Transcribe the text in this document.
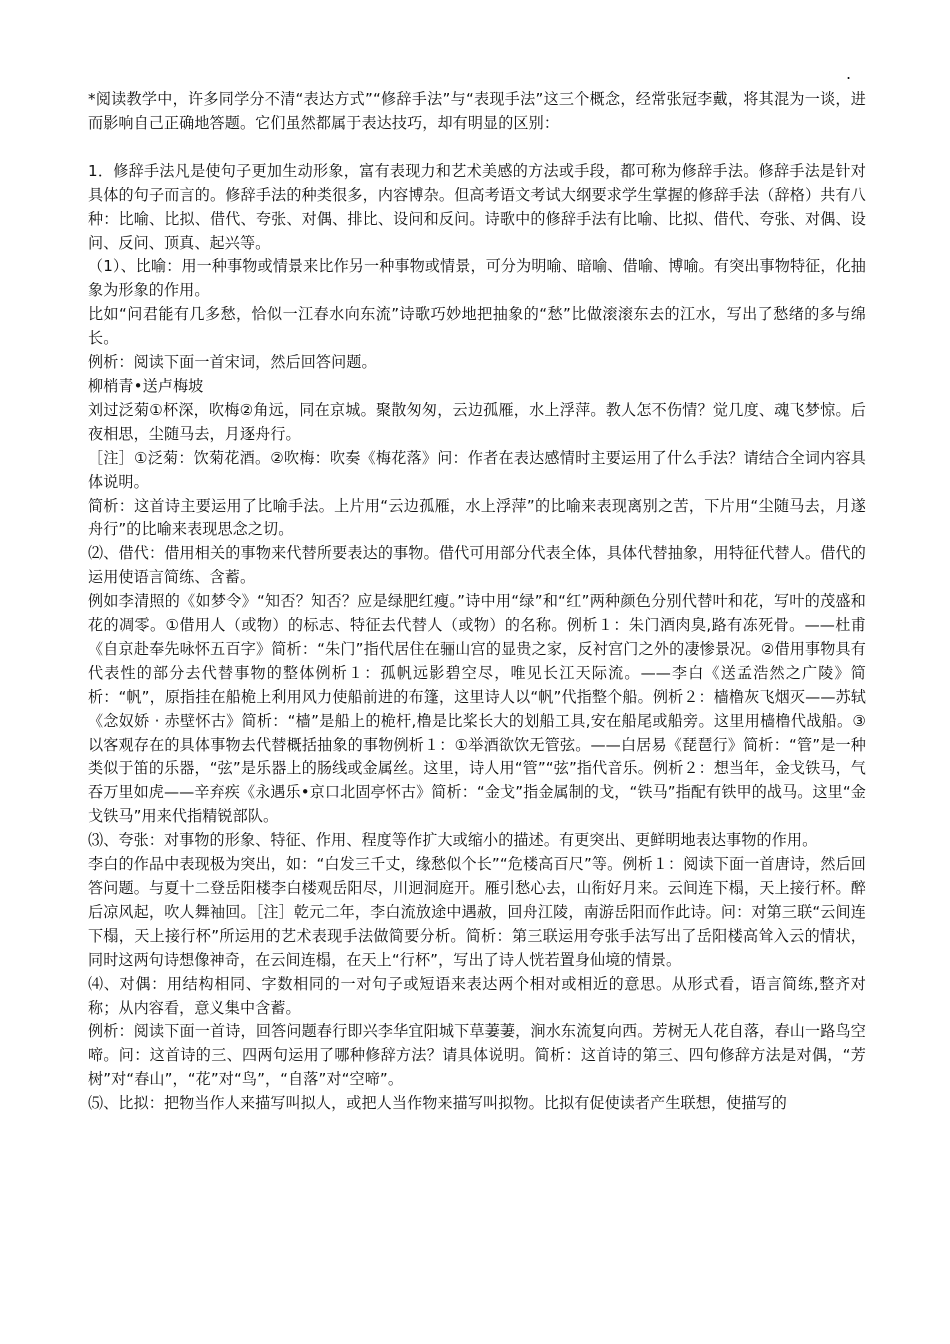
.

*阅读教学中，许多同学分不清“表达方式”“修辞手法”与“表现手法”这三个概念，经常张冠李戴，将其混为一谈，进而影响自己正确地答题。它们虽然都属于表达技巧，却有明显的区别：

1．修辞手法凡是使句子更加生动形象，富有表现力和艺术美感的方法或手段，都可称为修辞手法。修辞手法是针对具体的句子而言的。修辞手法的种类很多，内容博杂。但高考语文考试大纲要求学生掌握的修辞手法（辞格）共有八种：比喻、比拟、借代、夸张、对偶、排比、设问和反问。诗歌中的修辞手法有比喻、比拟、借代、夸张、对偶、设问、反问、顶真、起兴等。

（1）、比喻：用一种事物或情景来比作另一种事物或情景，可分为明喻、暗喻、借喻、博喻。有突出事物特征，化抽象为形象的作用。

比如“问君能有几多愁，恰似一江春水向东流”诗歌巧妙地把抽象的“愁”比做滚滚东去的江水，写出了愁绪的多与绵长。

例析：阅读下面一首宋词，然后回答问题。

柳梢青•送卢梅坡

刘过泛菊①杯深，吹梅②角远，同在京城。聚散匆匆，云边孤雁，水上浮萍。教人怎不伤情？觉几度、魂飞梦惊。后夜相思，尘随马去，月逐舟行。

［注］①泛菊：饮菊花酒。②吹梅：吹奏《梅花落》问：作者在表达感情时主要运用了什么手法？请结合全词内容具体说明。

简析：这首诗主要运用了比喻手法。上片用“云边孤雁，水上浮萍”的比喻来表现离别之苦，下片用“尘随马去，月遂舟行”的比喻来表现思念之切。

⑵、借代：借用相关的事物来代替所要表达的事物。借代可用部分代表全体，具体代替抽象，用特征代替人。借代的运用使语言简练、含蓄。

例如李清照的《如梦令》“知否？知否？应是绿肥红瘦。”诗中用“绿”和“红”两种颜色分别代替叶和花，写叶的茂盛和花的凋零。①借用人（或物）的标志、特征去代替人（或物）的名称。例析１：朱门酒肉臭,路有冻死骨。——杜甫《自京赴奉先咏怀五百字》简析：“朱门”指代居住在骊山宫的显贵之家，反衬宫门之外的凄惨景况。②借用事物具有代表性的部分去代替事物的整体例析１：孤帆远影碧空尽，唯见长江天际流。——李白《送孟浩然之广陵》简析：“帆”，原指挂在船桅上利用风力使船前进的布篷，这里诗人以“帆”代指整个船。例析２：樯橹灰飞烟灭——苏轼《念奴娇 · 赤壁怀古》简析：“樯”是船上的桅杆,橹是比桨长大的划船工具,安在船尾或船旁。这里用樯橹代战船。③以客观存在的具体事物去代替概括抽象的事物例析１：①举酒欲饮无管弦。——白居易《琵琶行》简析：“管”是一种类似于笛的乐器，“弦”是乐器上的肠线或金属丝。这里，诗人用“管”“弦”指代音乐。例析２：想当年，金戈铁马，气吞万里如虎——辛弃疾《永遇乐•京口北固亭怀古》简析：“金戈”指金属制的戈，“铁马”指配有铁甲的战马。这里“金戈铁马”用来代指精锐部队。

⑶、夸张：对事物的形象、特征、作用、程度等作扩大或缩小的描述。有更突出、更鲜明地表达事物的作用。

李白的作品中表现极为突出，如：“白发三千丈，缘愁似个长”“危楼高百尺”等。例析１：阅读下面一首唐诗，然后回答问题。与夏十二登岳阳楼李白楼观岳阳尽，川迥洞庭开。雁引愁心去，山衔好月来。云间连下榻，天上接行杯。醉后凉风起，吹人舞袖回。［注］乾元二年，李白流放途中遇赦，回舟江陵，南游岳阳而作此诗。问：对第三联“云间连下榻，天上接行杯”所运用的艺术表现手法做简要分析。简析：第三联运用夸张手法写出了岳阳楼高耸入云的情状，同时这两句诗想像神奇，在云间连榻，在天上“行杯”，写出了诗人恍若置身仙境的情景。

⑷、对偶：用结构相同、字数相同的一对句子或短语来表达两个相对或相近的意思。从形式看，语言简练,整齐对称；从内容看，意义集中含蓄。

例析：阅读下面一首诗，回答问题春行即兴李华宜阳城下草萋萋，涧水东流复向西。芳树无人花自落，春山一路鸟空啼。问：这首诗的三、四两句运用了哪种修辞方法？请具体说明。简析：这首诗的第三、四句修辞方法是对偶，“芳树”对“春山”，“花”对“鸟”，“自落”对“空啼”。

⑸、比拟：把物当作人来描写叫拟人，或把人当作物来描写叫拟物。比拟有促使读者产生联想，使描写的
